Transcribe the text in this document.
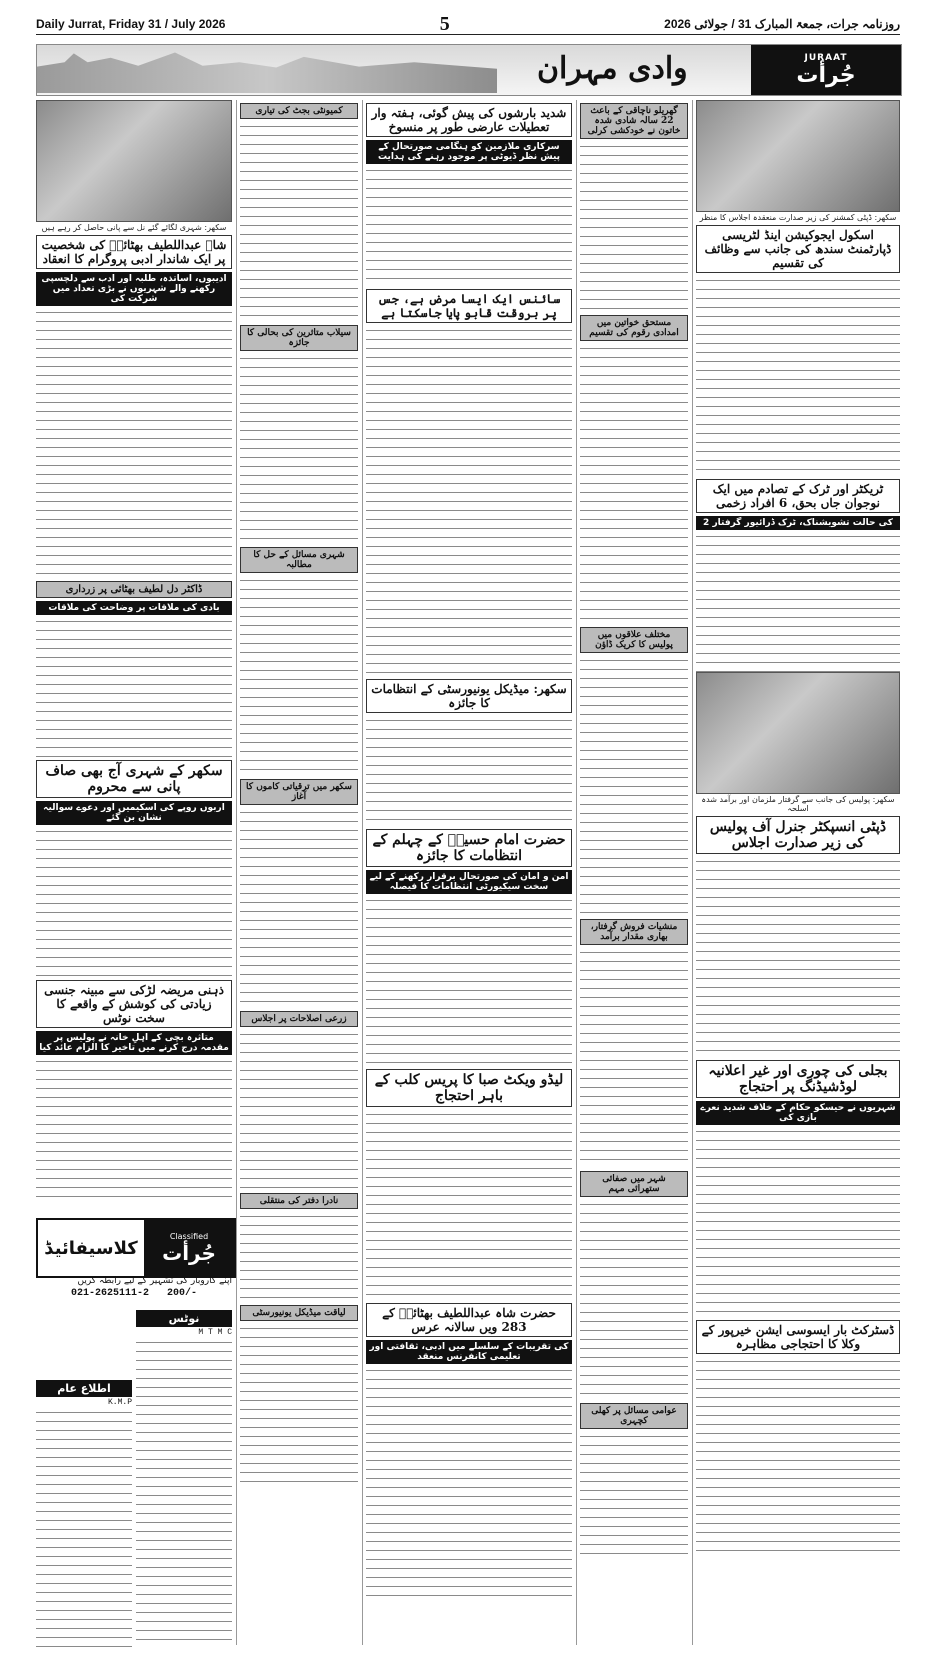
Daily Jurrat, Friday 31 / July 2026	5	روزنامہ جرات، جمعۃ المبارک 31 / جولائی 2026
وادی مہران	JURAAT
جُرأت
سکھر: شہری لگائے گئے نل سے پانی حاصل کر رہے ہیں
شاہ عبداللطیف بھٹائیؒ کی شخصیت پر ایک شاندار ادبی پروگرام کا انعقاد
ادیبوں، اساتذہ، طلبہ اور ادب سے دلچسپی رکھنے والے شہریوں نے بڑی تعداد میں شرکت کی
ڈاکٹر دل لطیف بھٹائی پر زرداری
بادی کی ملاقات پر وضاحت کی ملاقات
سکھر کے شہری آج بھی صاف پانی سے محروم
اربوں روپے کی اسکیمیں اور دعوے سوالیہ نشان بن گئے
ذہنی مریضہ لڑکی سے مبینہ جنسی زیادتی کی کوشش کے واقعے کا سخت نوٹس
متاثرہ بچی کے اہلِ خانہ نے پولیس پر مقدمہ درج کرنے میں تاخیر کا الزام عائد کیا
کلاسیفائیڈ
Classified
جُرأت
اپنے کاروبار کی تشہیر کے لیے رابطہ کریں
021-2625111-2 200/-
نوٹس
M T M C
اطلاع عام
K.M.P
کمیونٹی بجٹ کی تیاری
سیلاب متاثرین کی بحالی کا جائزہ
شہری مسائل کے حل کا مطالبہ
سکھر میں ترقیاتی کاموں کا آغاز
زرعی اصلاحات پر اجلاس
نادرا دفتر کی منتقلی
لیاقت میڈیکل یونیورسٹی
شدید بارشوں کی پیش گوئی، ہفتہ وار تعطیلات عارضی طور پر منسوخ
سرکاری ملازمین کو ہنگامی صورتحال کے پیش نظر ڈیوٹی پر موجود رہنے کی ہدایت
سائنس ایک ایسا مرض ہے، جس پر بروقت قابو پایا جاسکتا ہے
سکھر: میڈیکل یونیورسٹی کے انتظامات کا جائزہ
حضرت امام حسینؓ کے چہلم کے انتظامات کا جائزہ
امن و امان کی صورتحال برقرار رکھنے کے لیے سخت سیکیورٹی انتظامات کا فیصلہ
لیڈو ویکٹ صبا کا پریس کلب کے باہر احتجاج
حضرت شاہ عبداللطیف بھٹائیؒ کے 283 ویں سالانہ عرس
کی تقریبات کے سلسلے میں ادبی، ثقافتی اور تعلیمی کانفرنس منعقد
گھریلو ناچاقی کے باعث 22 سالہ شادی شدہ خاتون نے خودکشی کرلی
مستحق خواتین میں امدادی رقوم کی تقسیم
مختلف علاقوں میں پولیس کا کریک ڈاؤن
منشیات فروش گرفتار، بھاری مقدار برآمد
شہر میں صفائی ستھرائی مہم
عوامی مسائل پر کھلی کچہری
سکھر: ڈپٹی کمشنر کی زیر صدارت منعقدہ اجلاس کا منظر
اسکول ایجوکیشن اینڈ لٹریسی ڈپارٹمنٹ سندھ کی جانب سے وظائف کی تقسیم
ٹریکٹر اور ٹرک کے تصادم میں ایک نوجوان جاں بحق، 6 افراد زخمی
2 کی حالت تشویشناک، ٹرک ڈرائیور گرفتار
سکھر: پولیس کی جانب سے گرفتار ملزمان اور برآمد شدہ اسلحہ
ڈپٹی انسپکٹر جنرل آف پولیس کی زیر صدارت اجلاس
بجلی کی چوری اور غیر اعلانیہ لوڈشیڈنگ پر احتجاج
شہریوں نے حیسکو حکام کے خلاف شدید نعرے بازی کی
ڈسٹرکٹ بار ایسوسی ایشن خیرپور کے وکلا کا احتجاجی مظاہرہ
